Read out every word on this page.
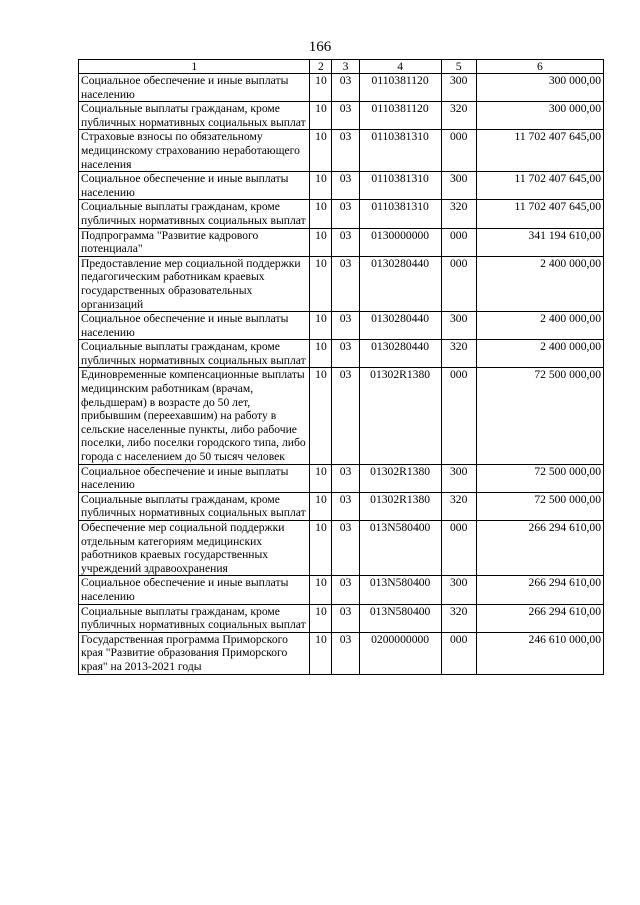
166
1	2	3	4	5	6
Социальное обеспечение и иные выплаты населению	10	03	0110381120	300	300 000,00
Социальные выплаты гражданам, кроме публичных нормативных социальных выплат	10	03	0110381120	320	300 000,00
Страховые взносы по обязательному медицинскому страхованию неработающего населения	10	03	0110381310	000	11 702 407 645,00
Социальное обеспечение и иные выплаты населению	10	03	0110381310	300	11 702 407 645,00
Социальные выплаты гражданам, кроме публичных нормативных социальных выплат	10	03	0110381310	320	11 702 407 645,00
Подпрограмма "Развитие кадрового потенциала"	10	03	0130000000	000	341 194 610,00
Предоставление мер социальной поддержки педагогическим работникам краевых государственных образовательных организаций	10	03	0130280440	000	2 400 000,00
Социальное обеспечение и иные выплаты населению	10	03	0130280440	300	2 400 000,00
Социальные выплаты гражданам, кроме публичных нормативных социальных выплат	10	03	0130280440	320	2 400 000,00
Единовременные компенсационные выплаты медицинским работникам (врачам, фельдшерам) в возрасте до 50 лет, прибывшим (переехавшим) на работу в сельские населенные пункты, либо рабочие поселки, либо поселки городского типа, либо города с населением до 50 тысяч человек	10	03	01302R1380	000	72 500 000,00
Социальное обеспечение и иные выплаты населению	10	03	01302R1380	300	72 500 000,00
Социальные выплаты гражданам, кроме публичных нормативных социальных выплат	10	03	01302R1380	320	72 500 000,00
Обеспечение мер социальной поддержки отдельным категориям медицинских работников краевых государственных учреждений здравоохранения	10	03	013N580400	000	266 294 610,00
Социальное обеспечение и иные выплаты населению	10	03	013N580400	300	266 294 610,00
Социальные выплаты гражданам, кроме публичных нормативных социальных выплат	10	03	013N580400	320	266 294 610,00
Государственная программа Приморского края "Развитие образования Приморского края" на 2013-2021 годы	10	03	0200000000	000	246 610 000,00
